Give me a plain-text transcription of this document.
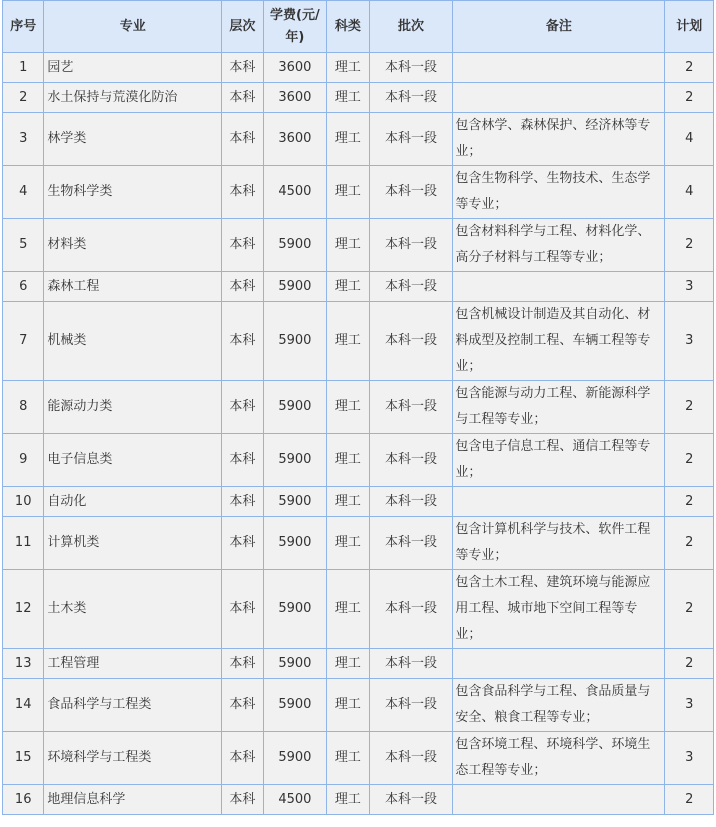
序号	专业	层次	学费(元/年)	科类	批次	备注	计划
1	园艺	本科	3600	理工	本科一段		2
2	水土保持与荒漠化防治	本科	3600	理工	本科一段		2
3	林学类	本科	3600	理工	本科一段	包含林学、森林保护、经济林等专业；	4
4	生物科学类	本科	4500	理工	本科一段	包含生物科学、生物技术、生态学等专业；	4
5	材料类	本科	5900	理工	本科一段	包含材料科学与工程、材料化学、高分子材料与工程等专业；	2
6	森林工程	本科	5900	理工	本科一段		3
7	机械类	本科	5900	理工	本科一段	包含机械设计制造及其自动化、材料成型及控制工程、车辆工程等专业；	3
8	能源动力类	本科	5900	理工	本科一段	包含能源与动力工程、新能源科学与工程等专业；	2
9	电子信息类	本科	5900	理工	本科一段	包含电子信息工程、通信工程等专业；	2
10	自动化	本科	5900	理工	本科一段		2
11	计算机类	本科	5900	理工	本科一段	包含计算机科学与技术、软件工程等专业；	2
12	土木类	本科	5900	理工	本科一段	包含土木工程、建筑环境与能源应用工程、城市地下空间工程等专业；	2
13	工程管理	本科	5900	理工	本科一段		2
14	食品科学与工程类	本科	5900	理工	本科一段	包含食品科学与工程、食品质量与安全、粮食工程等专业；	3
15	环境科学与工程类	本科	5900	理工	本科一段	包含环境工程、环境科学、环境生态工程等专业；	3
16	地理信息科学	本科	4500	理工	本科一段		2
